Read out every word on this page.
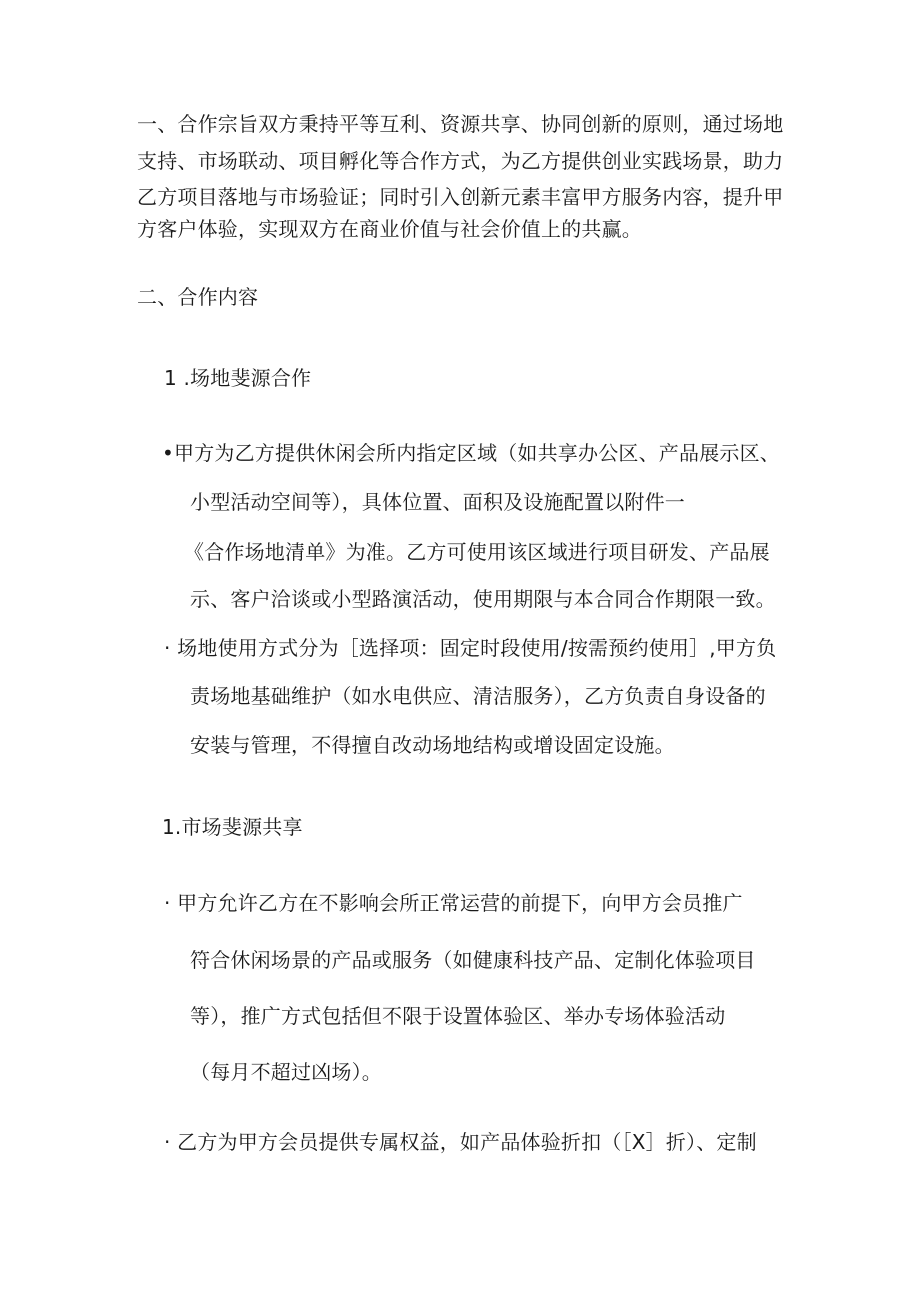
一、合作宗旨双方秉持平等互利、资源共享、协同创新的原则，通过场地
支持、市场联动、项目孵化等合作方式，为乙方提供创业实践场景，助力
乙方项目落地与市场验证；同时引入创新元素丰富甲方服务内容，提升甲
方客户体验，实现双方在商业价值与社会价值上的共赢。
二、合作内容
1 .场地斐源合作
•甲方为乙方提供休闲会所内指定区域（如共享办公区、产品展示区、
小型活动空间等），具体位置、面积及设施配置以附件一
《合作场地清单》为准。乙方可使用该区域进行项目研发、产品展
示、客户洽谈或小型路演活动，使用期限与本合同合作期限一致。
· 场地使用方式分为［选择项：固定时段使用/按需预约使用］,甲方负
责场地基础维护（如水电供应、清洁服务），乙方负责自身设备的
安装与管理，不得擅自改动场地结构或增设固定设施。
1.市场斐源共享
· 甲方允许乙方在不影响会所正常运营的前提下，向甲方会员推广
符合休闲场景的产品或服务（如健康科技产品、定制化体验项目
等），推广方式包括但不限于设置体验区、举办专场体验活动
（每月不超过凶场）。
· 乙方为甲方会员提供专属权益，如产品体验折扣（［X］折）、定制
